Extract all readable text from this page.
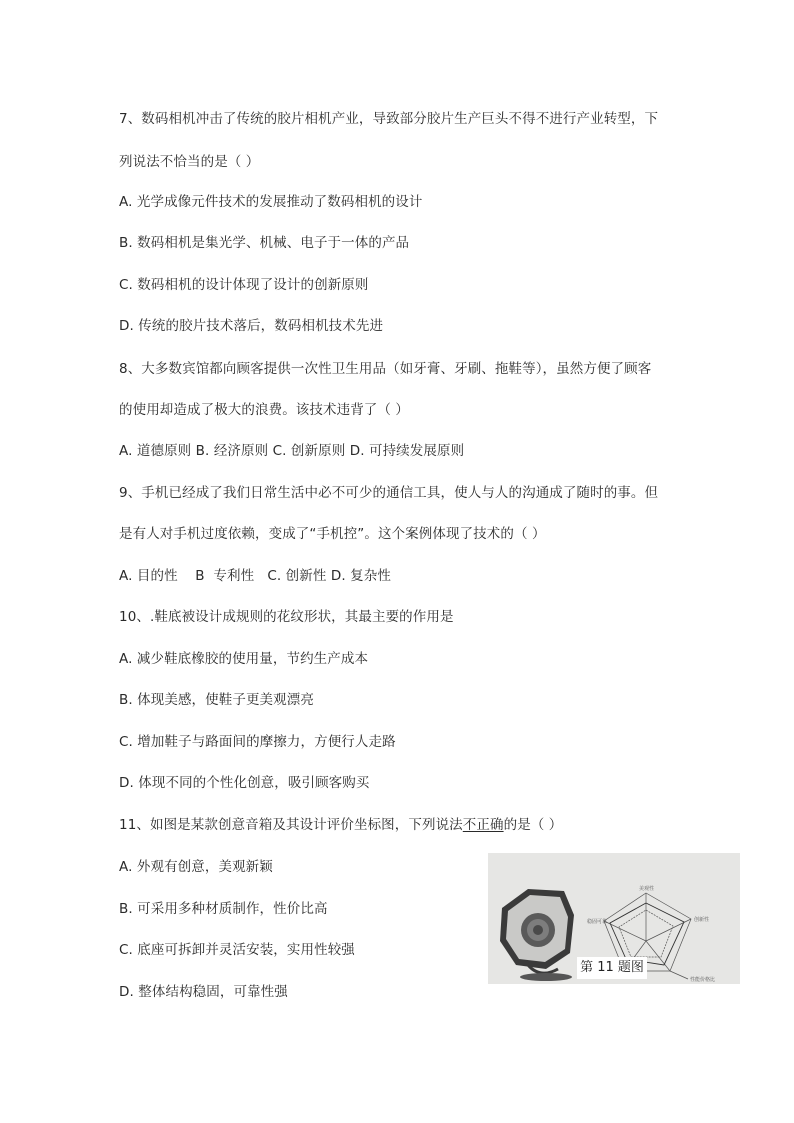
7、数码相机冲击了传统的胶片相机产业，导致部分胶片生产巨头不得不进行产业转型，下
列说法不恰当的是（ ）
A. 光学成像元件技术的发展推动了数码相机的设计
B. 数码相机是集光学、机械、电子于一体的产品
C. 数码相机的设计体现了设计的创新原则
D. 传统的胶片技术落后，数码相机技术先进
8、大多数宾馆都向顾客提供一次性卫生用品（如牙膏、牙刷、拖鞋等），虽然方便了顾客
的使用却造成了极大的浪费。该技术违背了（ ）
A. 道德原则 B. 经济原则 C. 创新原则 D. 可持续发展原则
9、手机已经成了我们日常生活中必不可少的通信工具，使人与人的沟通成了随时的事。但
是有人对手机过度依赖，变成了“手机控”。这个案例体现了技术的（ ）
A. 目的性    B  专利性   C. 创新性 D. 复杂性
10、.鞋底被设计成规则的花纹形状，其最主要的作用是
A. 减少鞋底橡胶的使用量，节约生产成本
B. 体现美感，使鞋子更美观漂亮
C. 增加鞋子与路面间的摩擦力，方便行人走路
D. 体现不同的个性化创意，吸引顾客购买
11、如图是某款创意音箱及其设计评价坐标图，下列说法不正确的是（ ）
A. 外观有创意，美观新颖
B. 可采用多种材质制作，性价比高
C. 底座可拆卸并灵活安装，实用性较强
D. 整体结构稳固，可靠性强
美观性
创新性
性能价格比
稳固可靠
第 11 题图
